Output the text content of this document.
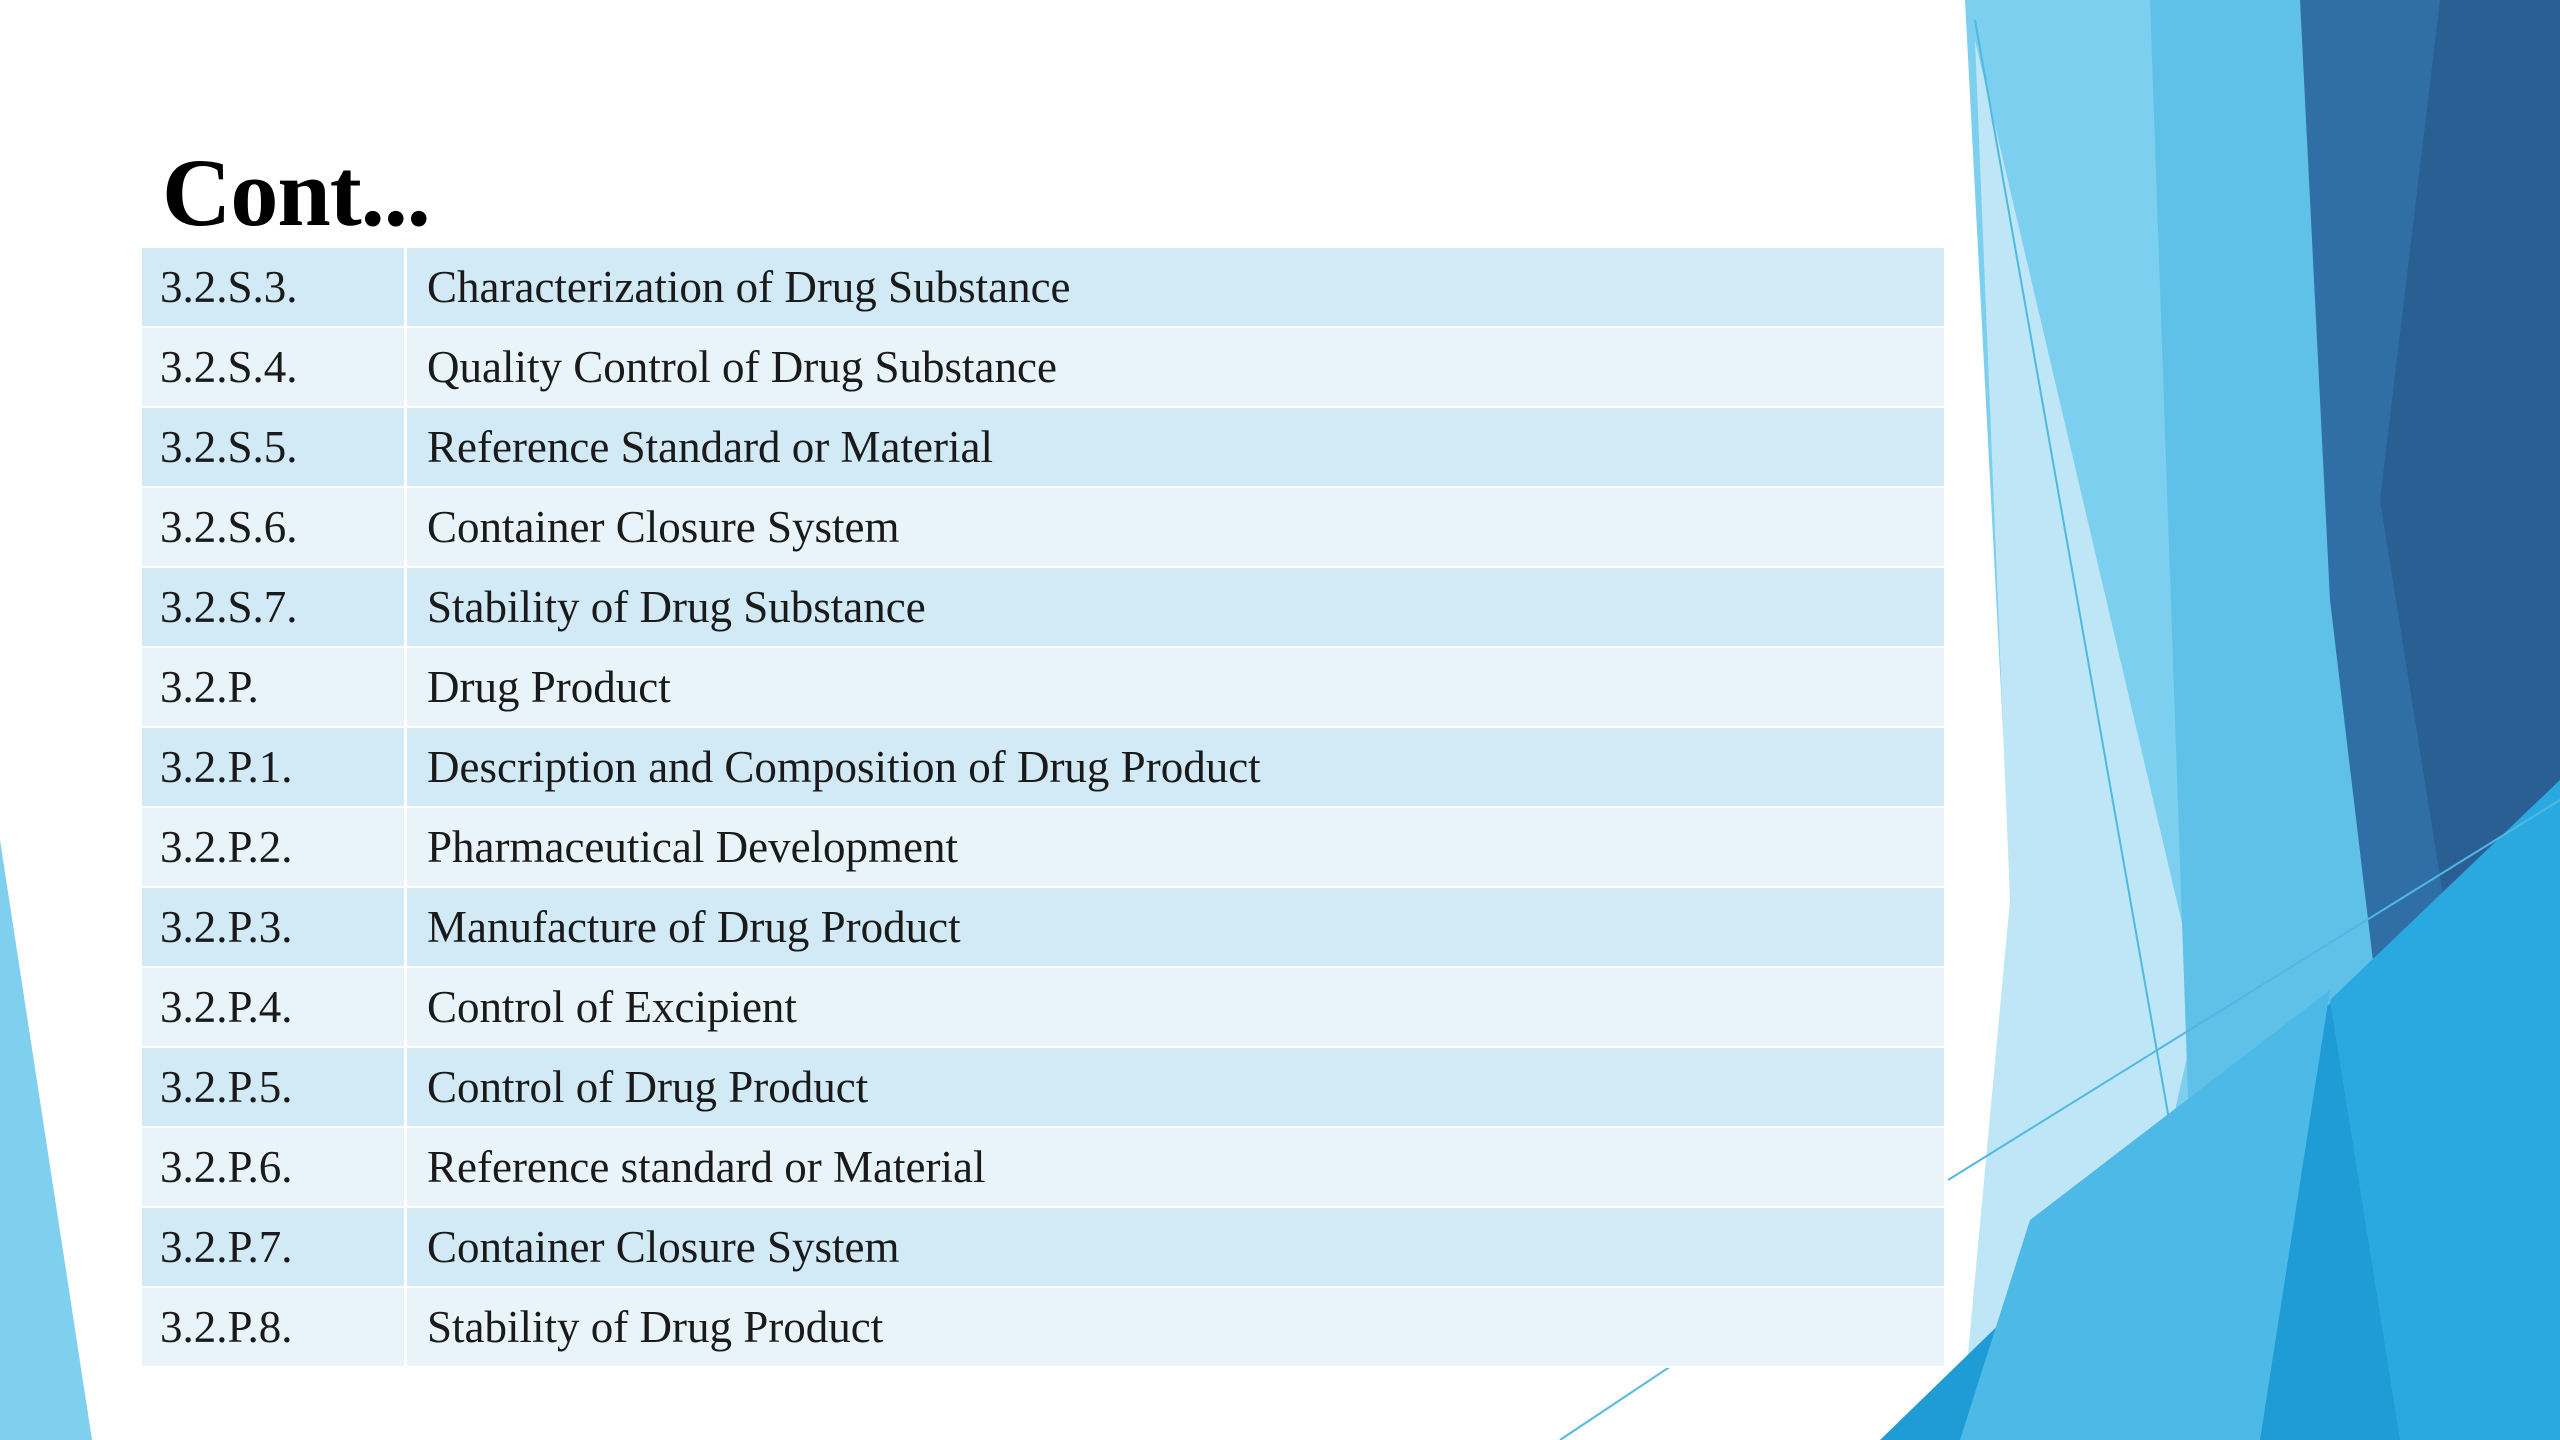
Cont...
3.2.S.3.	Characterization of Drug Substance
3.2.S.4.	Quality Control of Drug Substance
3.2.S.5.	Reference Standard or Material
3.2.S.6.	Container Closure System
3.2.S.7.	Stability of Drug Substance
3.2.P.	Drug Product
3.2.P.1.	Description and Composition of Drug Product
3.2.P.2.	Pharmaceutical Development
3.2.P.3.	Manufacture of Drug Product
3.2.P.4.	Control of Excipient
3.2.P.5.	Control of Drug Product
3.2.P.6.	Reference standard or Material
3.2.P.7.	Container Closure System
3.2.P.8.	Stability of Drug Product
